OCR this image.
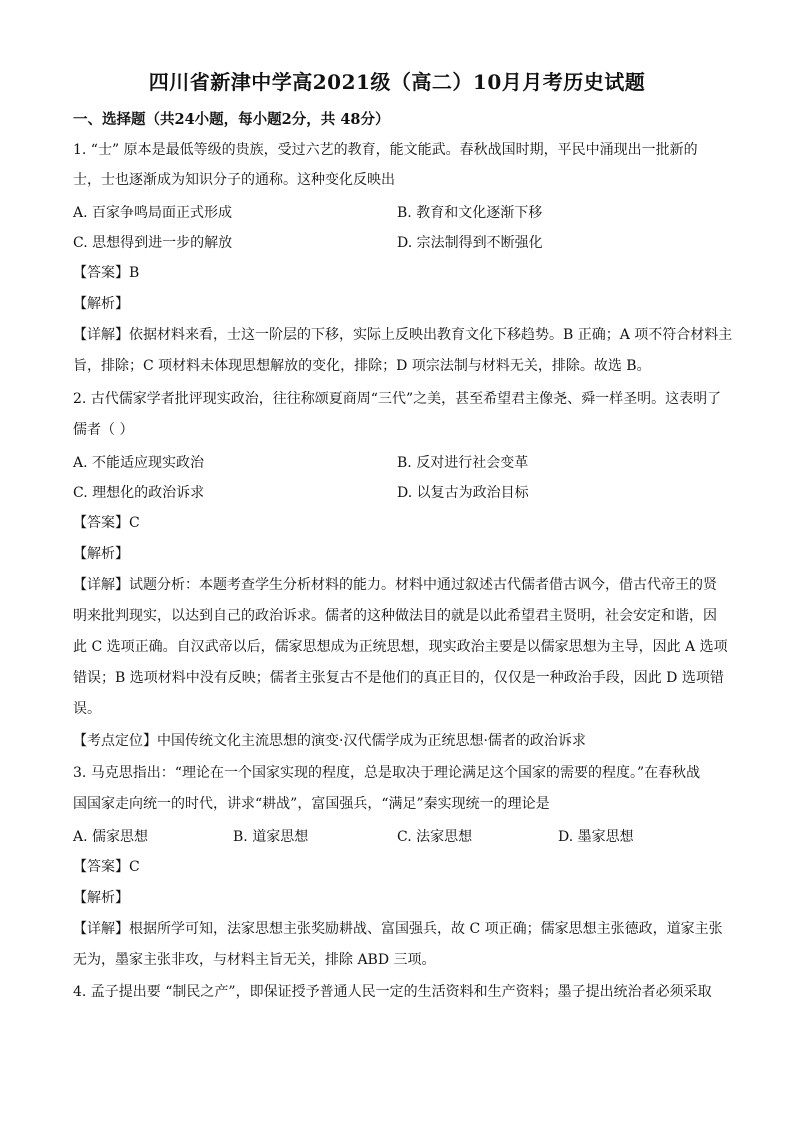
四川省新津中学高2021级（高二）10月月考历史试题
一、选择题（共24小题，每小题2分，共 48分）
1. “士” 原本是最低等级的贵族，受过六艺的教育，能文能武。春秋战国时期，平民中涌现出一批新的
士，士也逐渐成为知识分子的通称。这种变化反映出
A. 百家争鸣局面正式形成	B. 教育和文化逐渐下移
C. 思想得到进一步的解放	D. 宗法制得到不断强化
【答案】B
【解析】
【详解】依据材料来看，士这一阶层的下移，实际上反映出教育文化下移趋势。B 正确；A 项不符合材料主
旨，排除；C 项材料未体现思想解放的变化，排除；D 项宗法制与材料无关，排除。故选 B。
2. 古代儒家学者批评现实政治，往往称颂夏商周“三代”之美，甚至希望君主像尧、舜一样圣明。这表明了
儒者（ ）
A. 不能适应现实政治	B. 反对进行社会变革
C. 理想化的政治诉求	D. 以复古为政治目标
【答案】C
【解析】
【详解】试题分析：本题考查学生分析材料的能力。材料中通过叙述古代儒者借古讽今，借古代帝王的贤
明来批判现实，以达到自己的政治诉求。儒者的这种做法目的就是以此希望君主贤明，社会安定和谐，因
此 C 选项正确。自汉武帝以后，儒家思想成为正统思想，现实政治主要是以儒家思想为主导，因此 A 选项
错误；B 选项材料中没有反映；儒者主张复古不是他们的真正目的，仅仅是一种政治手段，因此 D 选项错
误。
【考点定位】中国传统文化主流思想的演变·汉代儒学成为正统思想·儒者的政治诉求
3. 马克思指出：“理论在一个国家实现的程度，总是取决于理论满足这个国家的需要的程度。”在春秋战
国国家走向统一的时代，讲求“耕战”，富国强兵，“满足”秦实现统一的理论是
A. 儒家思想	B. 道家思想	C. 法家思想	D. 墨家思想
【答案】C
【解析】
【详解】根据所学可知，法家思想主张奖励耕战、富国强兵，故 C 项正确；儒家思想主张德政，道家主张
无为，墨家主张非攻，与材料主旨无关，排除 ABD 三项。
4. 孟子提出要 “制民之产”，即保证授予普通人民一定的生活资料和生产资料；墨子提出统治者必须采取
